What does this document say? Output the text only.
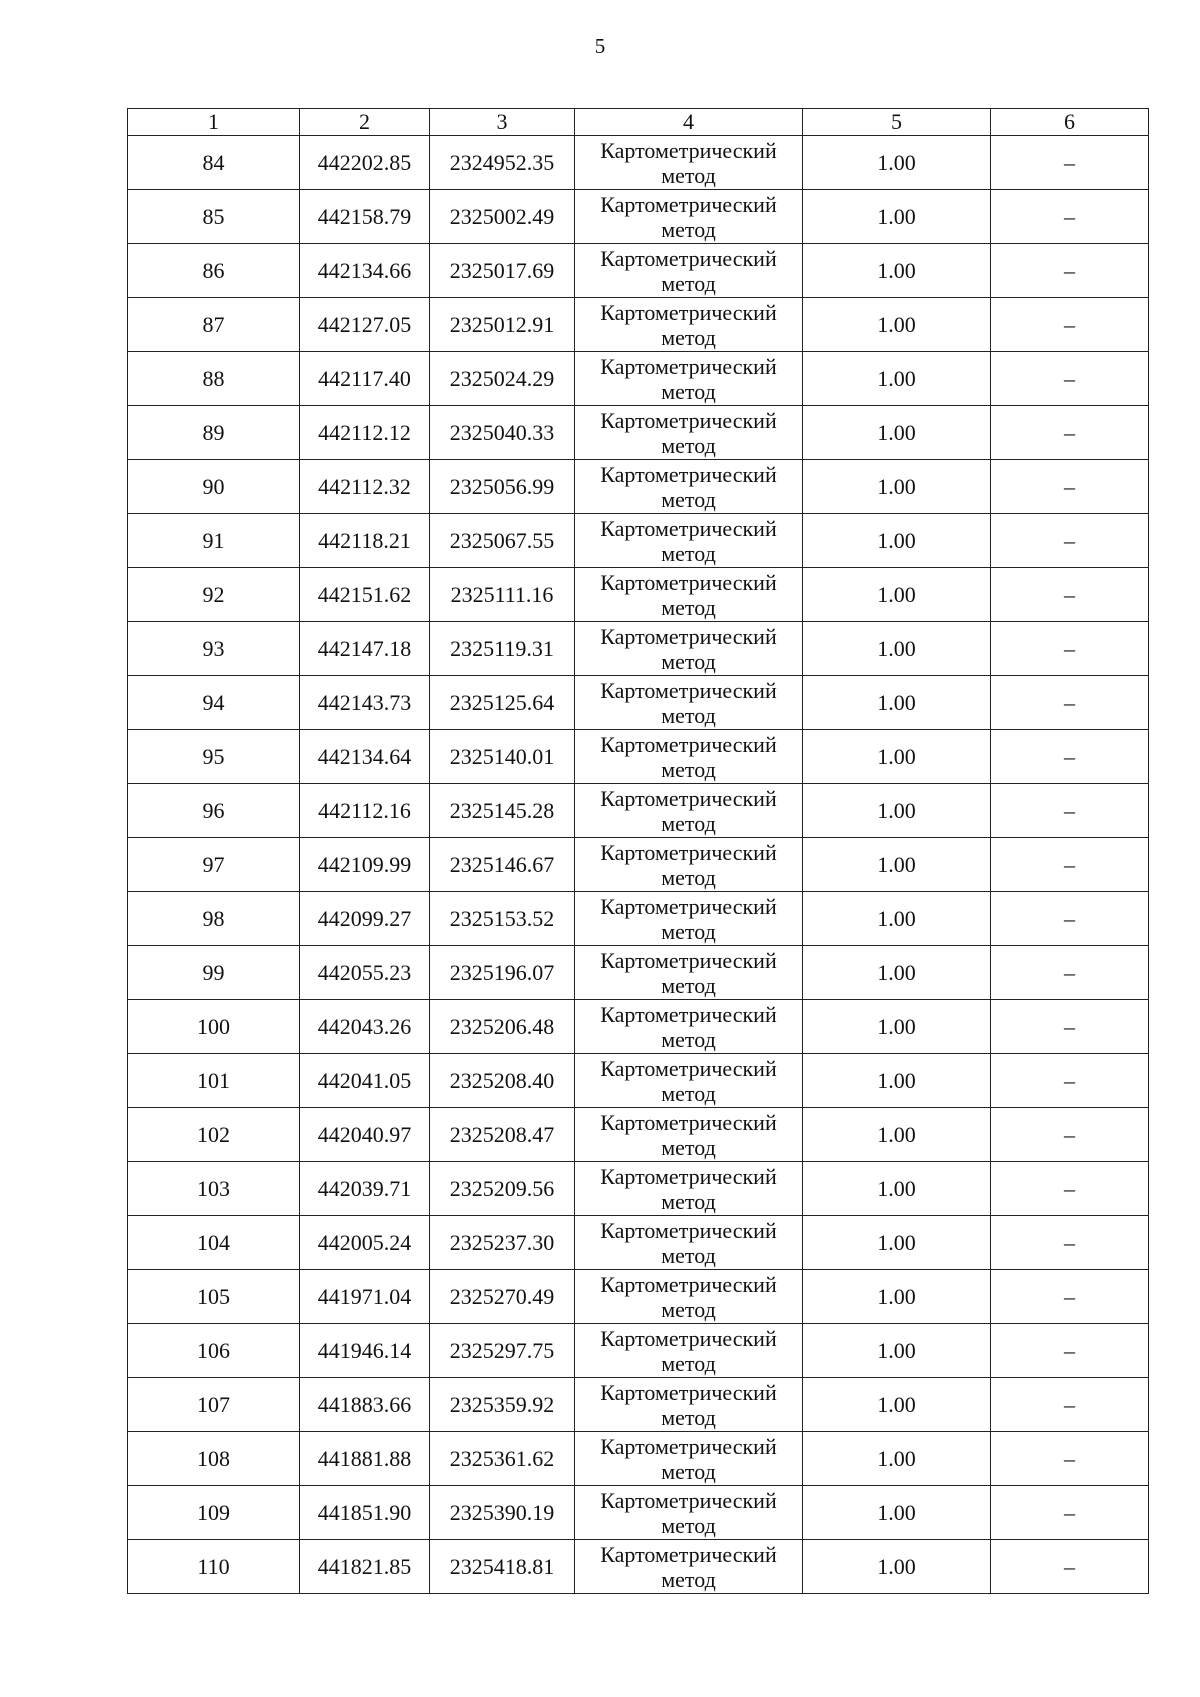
5
1	2	3	4	5	6
84	442202.85	2324952.35	Картометрический метод	1.00	–
85	442158.79	2325002.49	Картометрический метод	1.00	–
86	442134.66	2325017.69	Картометрический метод	1.00	–
87	442127.05	2325012.91	Картометрический метод	1.00	–
88	442117.40	2325024.29	Картометрический метод	1.00	–
89	442112.12	2325040.33	Картометрический метод	1.00	–
90	442112.32	2325056.99	Картометрический метод	1.00	–
91	442118.21	2325067.55	Картометрический метод	1.00	–
92	442151.62	2325111.16	Картометрический метод	1.00	–
93	442147.18	2325119.31	Картометрический метод	1.00	–
94	442143.73	2325125.64	Картометрический метод	1.00	–
95	442134.64	2325140.01	Картометрический метод	1.00	–
96	442112.16	2325145.28	Картометрический метод	1.00	–
97	442109.99	2325146.67	Картометрический метод	1.00	–
98	442099.27	2325153.52	Картометрический метод	1.00	–
99	442055.23	2325196.07	Картометрический метод	1.00	–
100	442043.26	2325206.48	Картометрический метод	1.00	–
101	442041.05	2325208.40	Картометрический метод	1.00	–
102	442040.97	2325208.47	Картометрический метод	1.00	–
103	442039.71	2325209.56	Картометрический метод	1.00	–
104	442005.24	2325237.30	Картометрический метод	1.00	–
105	441971.04	2325270.49	Картометрический метод	1.00	–
106	441946.14	2325297.75	Картометрический метод	1.00	–
107	441883.66	2325359.92	Картометрический метод	1.00	–
108	441881.88	2325361.62	Картометрический метод	1.00	–
109	441851.90	2325390.19	Картометрический метод	1.00	–
110	441821.85	2325418.81	Картометрический метод	1.00	–
